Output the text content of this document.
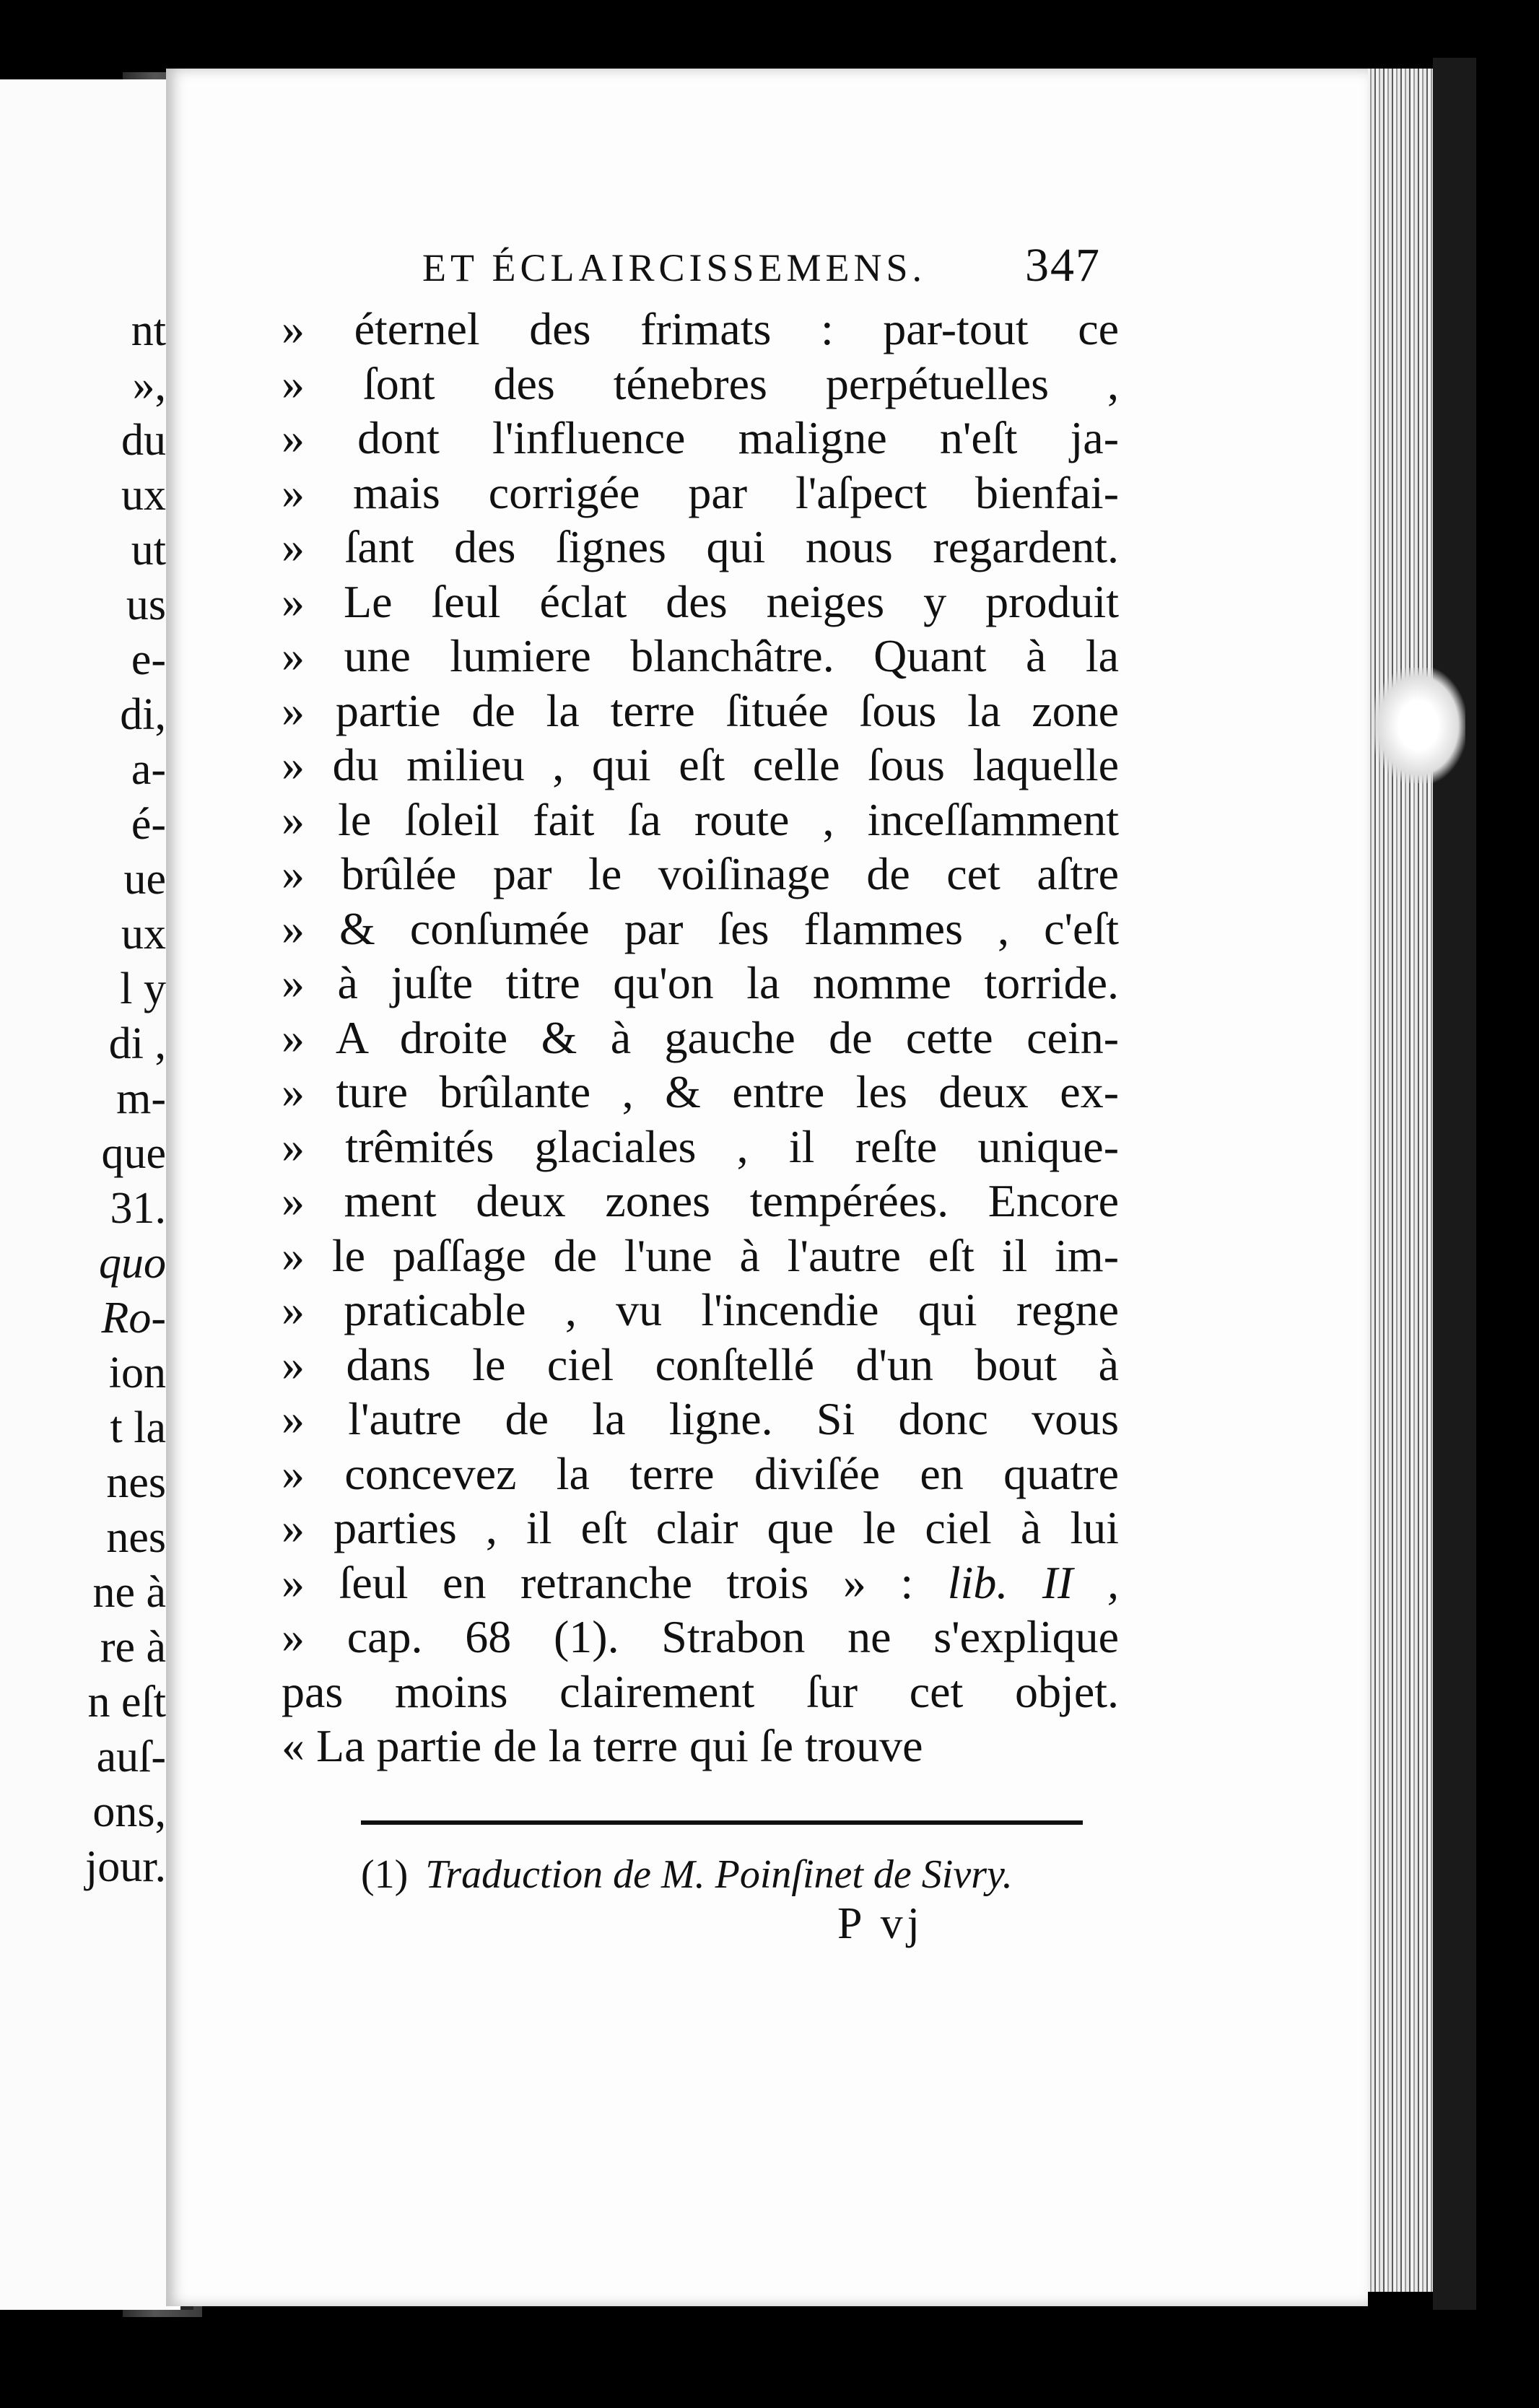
nt
»,
du
ux
ut
us
e-
di,
a-
é-
ue
ux
l y
di ,
m-
que
31.
quo
Ro-
ion
t la
nes
nes
ne à
re à
n eſt
auſ-
ons,
jour.
ET ÉCLAIRCISSEMENS. 347
» éternel des frimats : par-tout ce
» ſont des ténebres perpétuelles ,
» dont l'influence maligne n'eſt ja-
» mais corrigée par l'aſpect bienfai-
» ſant des ſignes qui nous regardent.
» Le ſeul éclat des neiges y produit
» une lumiere blanchâtre. Quant à la
» partie de la terre ſituée ſous la zone
» du milieu , qui eſt celle ſous laquelle
» le ſoleil fait ſa route , inceſſamment
» brûlée par le voiſinage de cet aſtre
» & conſumée par ſes flammes , c'eſt
» à juſte titre qu'on la nomme torride.
» A droite & à gauche de cette cein-
» ture brûlante , & entre les deux ex-
» trêmités glaciales , il reſte unique-
» ment deux zones tempérées. Encore
» le paſſage de l'une à l'autre eſt il im-
» praticable , vu l'incendie qui regne
» dans le ciel conſtellé d'un bout à
» l'autre de la ligne. Si donc vous
» concevez la terre diviſée en quatre
» parties , il eſt clair que le ciel à lui
» ſeul en retranche trois » : lib. II ,
» cap. 68 (1). Strabon ne s'explique
pas moins clairement ſur cet objet.
« La partie de la terre qui ſe trouve
(1) Traduction de M. Poinſinet de Sivry.
P vj
